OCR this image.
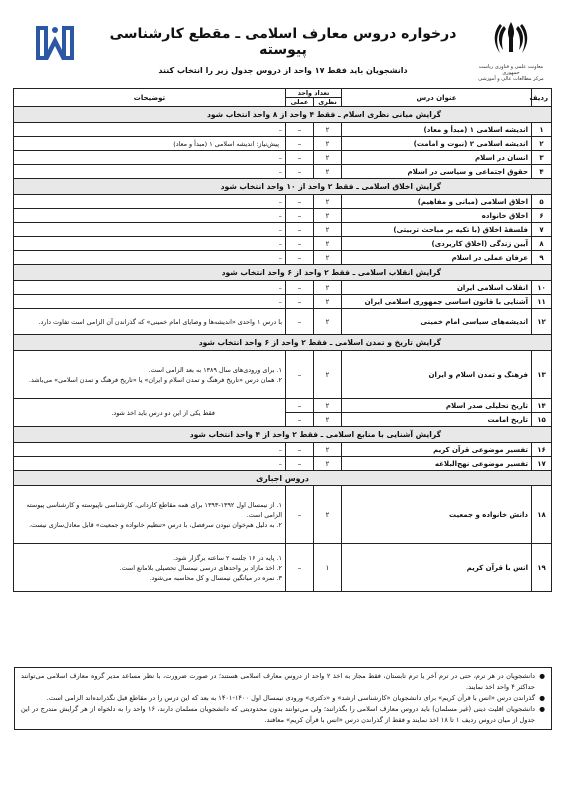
معاونت علمی و فناوری ریاست جمهوری
مرکز مطالعات عالی و آموزشی
درخواره دروس معارف اسلامی ـ مقطع کارشناسی پیوسته
دانشجویان باید فقط ۱۷ واحد از دروس جدول زیر را انتخاب کنند
ردیف	عنوان درس	تعداد واحد		توضیحات
		نظری	عملی	
گرایش مبانی نظری اسلام ـ فقط ۴ واحد از ۸ واحد انتخاب شود				
۱	اندیشه اسلامی ۱ (مبدأ و معاد)	۲	–	–
۲	اندیشه اسلامی ۲ (نبوت و امامت)	۲	–	پیش‌نیاز: اندیشه اسلامی ۱ (مبدأ و معاد)
۳	انسان در اسلام	۲	–	–
۴	حقوق اجتماعی و سیاسی در اسلام	۲	–	–
گرایش اخلاق اسلامی ـ فقط ۲ واحد از ۱۰ واحد انتخاب شود				
۵	اخلاق اسلامی (مبانی و مفاهیم)	۲	–	–
۶	اخلاق خانواده	۲	–	–
۷	فلسفهٔ اخلاق (با تکیه بر مباحث تربیتی)	۲	–	–
۸	آیین زندگی (اخلاق کاربردی)	۲	–	–
۹	عرفان عملی در اسلام	۲	–	–
گرایش انقلاب اسلامی ـ فقط ۲ واحد از ۶ واحد انتخاب شود				
۱۰	انقلاب اسلامی ایران	۲	–	–
۱۱	آشنایی با قانون اساسی جمهوری اسلامی ایران	۲	–	–
۱۲	اندیشه‌های سیاسی امام خمینی	۲	–	با درس ۱ واحدی «اندیشه‌ها و وصایای امام خمینی» که گذراندن آن الزامی است تفاوت دارد.
گرایش تاریخ و تمدن اسلامی ـ فقط ۲ واحد از ۶ واحد انتخاب شود				
۱۳	فرهنگ و تمدن اسلام و ایران	۲	–	۱. برای ورودی‌های سال ۱۳۸۹ به بعد الزامی است.
۲. همان درس «تاریخ فرهنگ و تمدن اسلام و ایران» یا «تاریخ فرهنگ و تمدن اسلامی» می‌باشد.
۱۴	تاریخ تحلیلی صدر اسلام	۲	–	فقط یکی از این دو درس باید اخذ شود.
۱۵	تاریخ امامت	۲	–	
گرایش آشنایی با منابع اسلامی ـ فقط ۲ واحد از ۴ واحد انتخاب شود				
۱۶	تفسیر موضوعی قرآن کریم	۲	–	–
۱۷	تفسیر موضوعی نهج‌البلاغه	۲	–	–
دروس اجباری				
۱۸	دانش خانواده و جمعیت	۲	–	۱. از نیمسال اول ۱۳۹۲-۱۳۹۳ برای همه مقاطع کاردانی، کارشناسی ناپیوسته و کارشناسی پیوسته الزامی است.
۲. به دلیل هم‌خوان نبودن سرفصل، با درس «تنظیم خانواده و جمعیت» قابل معادل‌سازی نیست.
۱۹	انس با قرآن کریم	۱	–	۱. پایه در ۱۶ جلسه ۲ ساعته برگزار شود.
۲. اخذ مازاد بر واحدهای درسی نیمسال تحصیلی بلامانع است.
۳. نمره در میانگین نیمسال و کل محاسبه می‌شود.
●
دانشجویان در هر ترم، حتی در ترم آخر یا ترم تابستان، فقط مجاز به اخذ ۲ واحد از دروس معارف اسلامی هستند؛ در صورت ضرورت، با نظر مساعد مدیر گروه معارف اسلامی می‌توانند حداکثر ۴ واحد اخذ نمایند.
●
گذراندن درس «انس با قرآن کریم» برای دانشجویان «کارشناسی ارشد» و «دکتری» ورودی نیمسال اول ۱۴۰۰-۱۴۰۱ به بعد که این درس را در مقاطع قبل نگذرانده‌اند الزامی است.
●
دانشجویان اقلیت دینی (غیر مسلمان) باید دروس معارف اسلامی را بگذرانند؛ ولی می‌توانند بدون محدودیتی که دانشجویان مسلمان دارند، ۱۶ واحد را به دلخواه از هر گرایش مندرج در این جدول از میان دروس ردیف ۱ تا ۱۸ اخذ نمایند و فقط از گذراندن درس «انس با قرآن کریم» معافند.
